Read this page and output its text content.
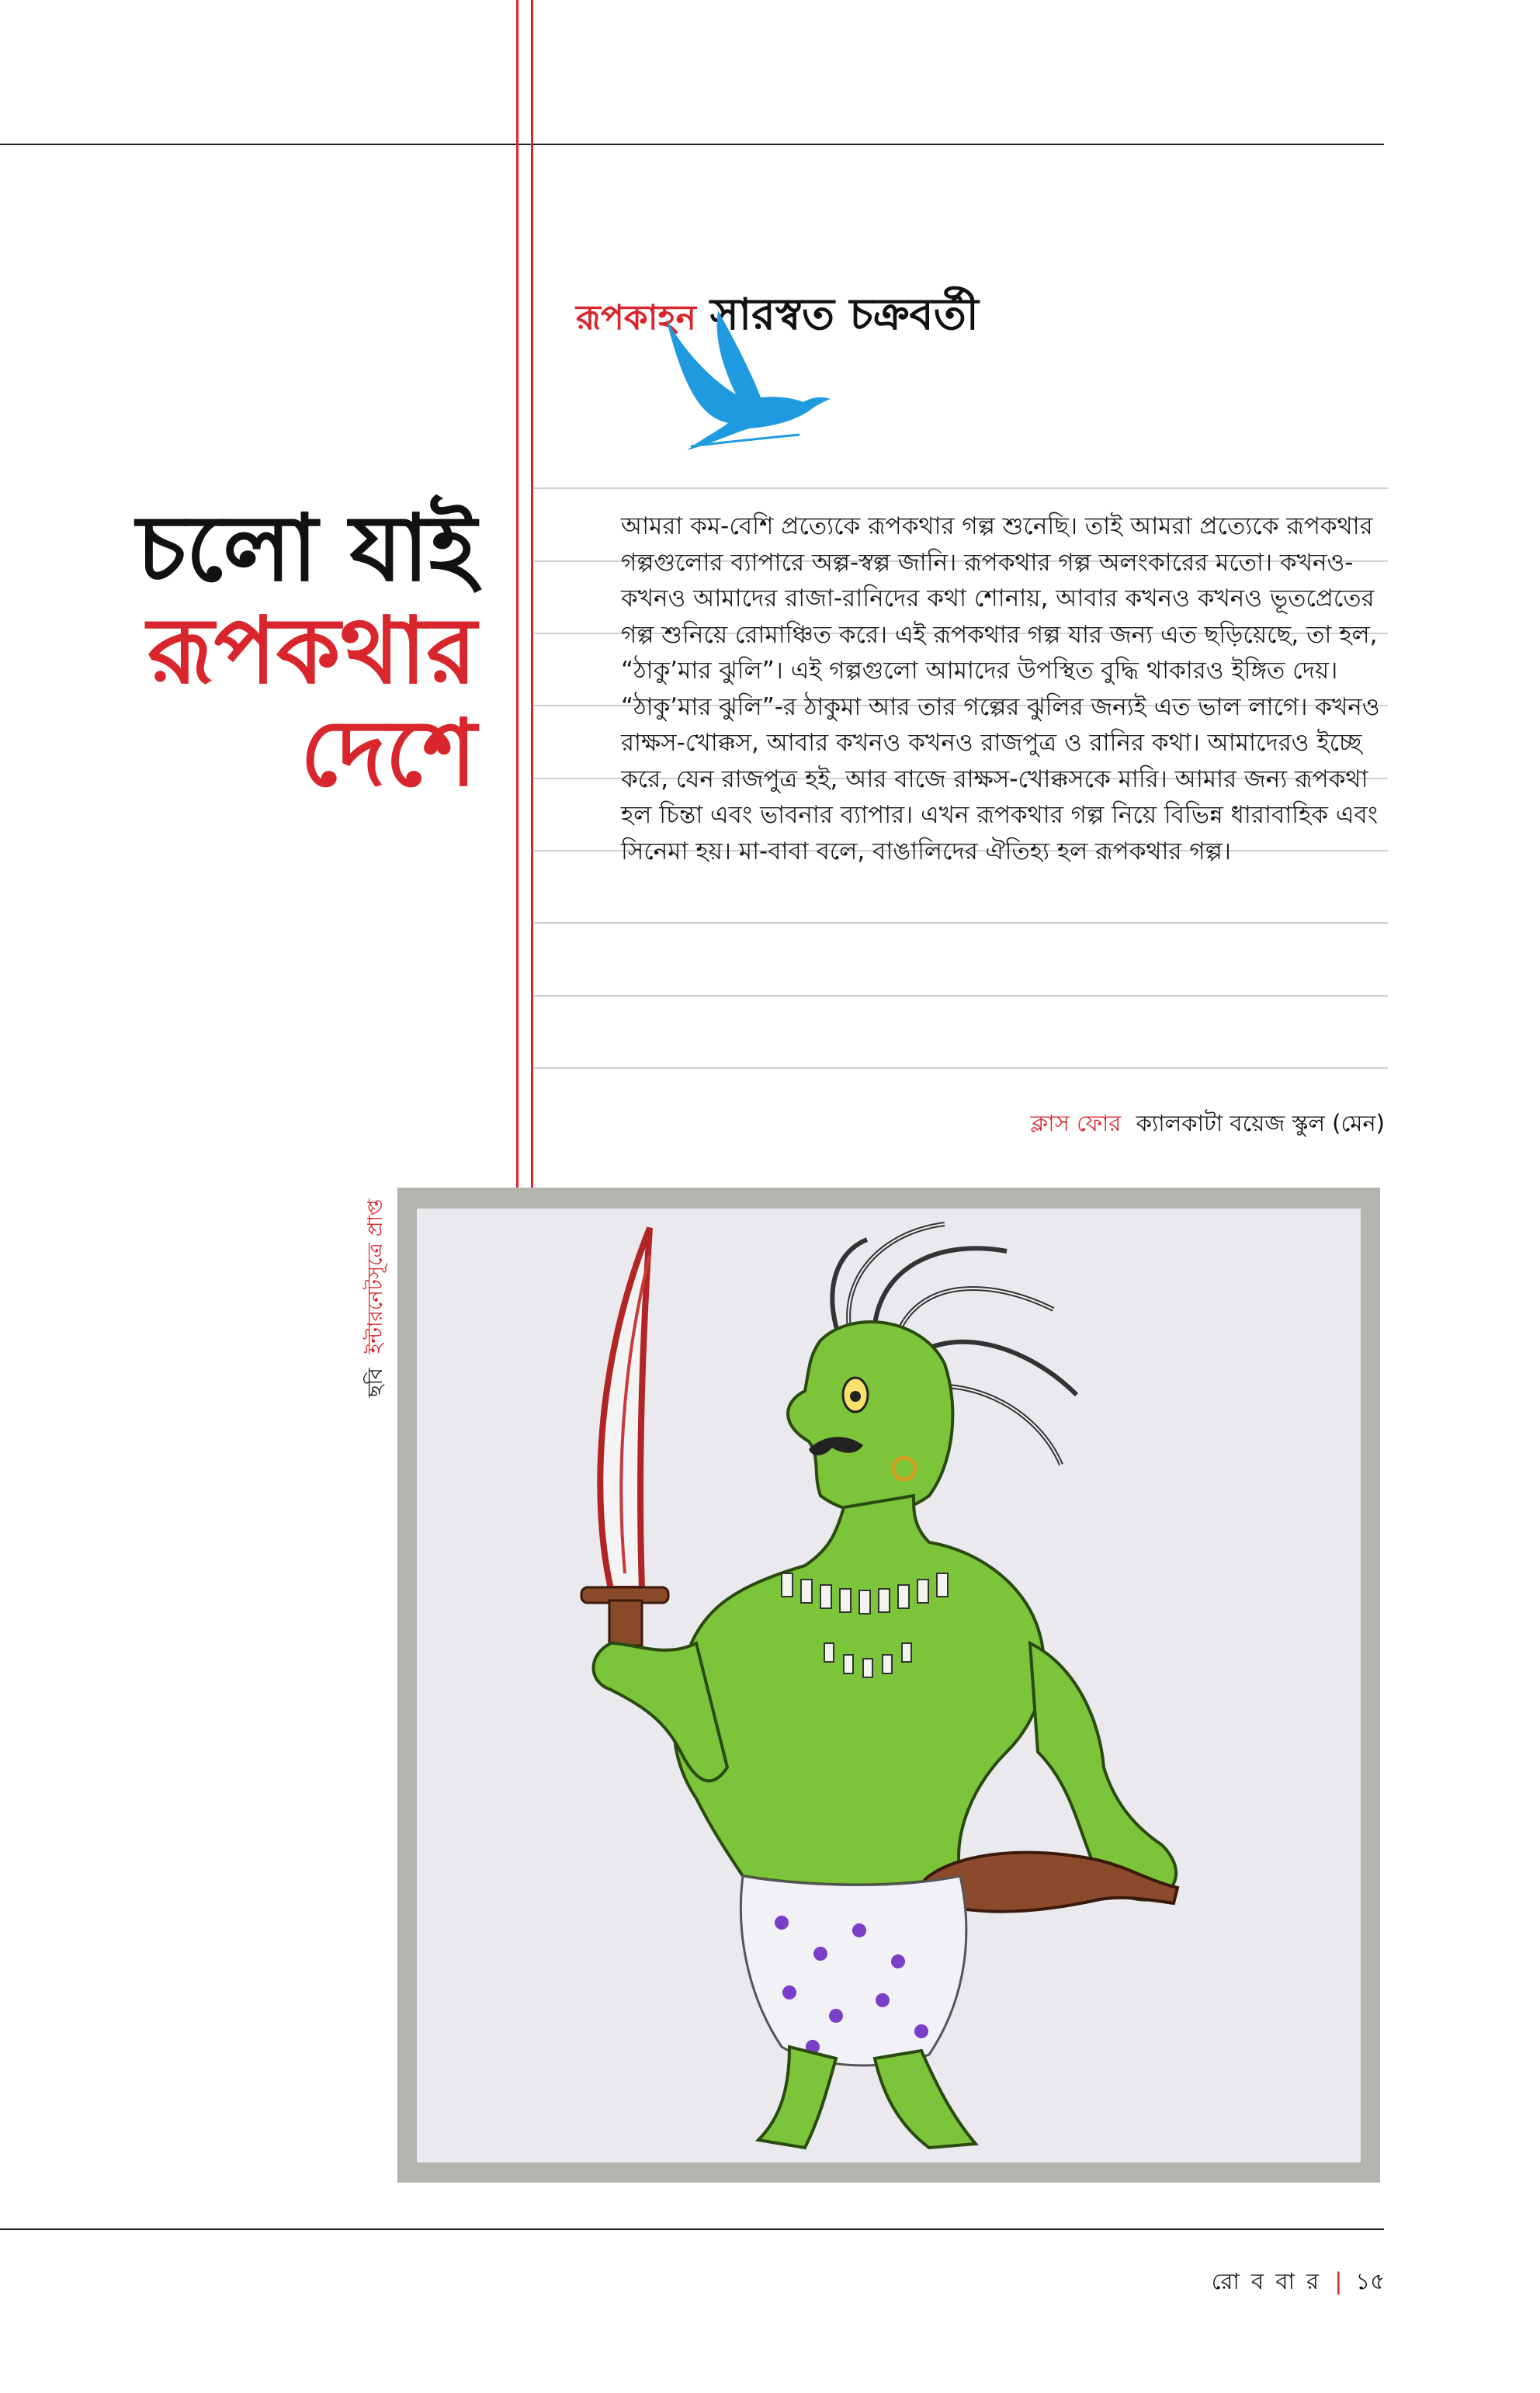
রূপকাহন সারস্বত চক্রবর্তী
চলো যাই
রূপকথার
দেশে

আমরা কম-বেশি প্রত্যেকে রূপকথার গল্প শুনেছি। তাই আমরা প্রত্যেকে রূপকথার গল্পগুলোর ব্যাপারে অল্প-স্বল্প জানি। রূপকথার গল্প অলংকারের মতো। কখনও-কখনও আমাদের রাজা-রানিদের কথা শোনায়, আবার কখনও কখনও ভূতপ্রেতের গল্প শুনিয়ে রোমাঞ্চিত করে। এই রূপকথার গল্প যার জন্য এত ছড়িয়েছে, তা হল, “ঠাকু’মার ঝুলি”। এই গল্পগুলো আমাদের উপস্থিত বুদ্ধি থাকারও ইঙ্গিত দেয়। “ঠাকু’মার ঝুলি”-র ঠাকুমা আর তার গল্পের ঝুলির জন্যই এত ভাল লাগে। কখনও রাক্ষস-খোক্কস, আবার কখনও কখনও রাজপুত্র ও রানির কথা। আমাদেরও ইচ্ছে করে, যেন রাজপুত্র হই, আর বাজে রাক্ষস-খোক্কসকে মারি। আমার জন্য রূপকথা হল চিন্তা এবং ভাবনার ব্যাপার। এখন রূপকথার গল্প নিয়ে বিভিন্ন ধারাবাহিক এবং সিনেমা হয়। মা-বাবা বলে, বাঙালিদের ঐতিহ্য হল রূপকথার গল্প।

ক্লাস ফোর ক্যালকাটা বয়েজ স্কুল (মেন)
ছবি ইন্টারনেটসূত্রে প্রাপ্ত
রো ব বা র | ১৫
